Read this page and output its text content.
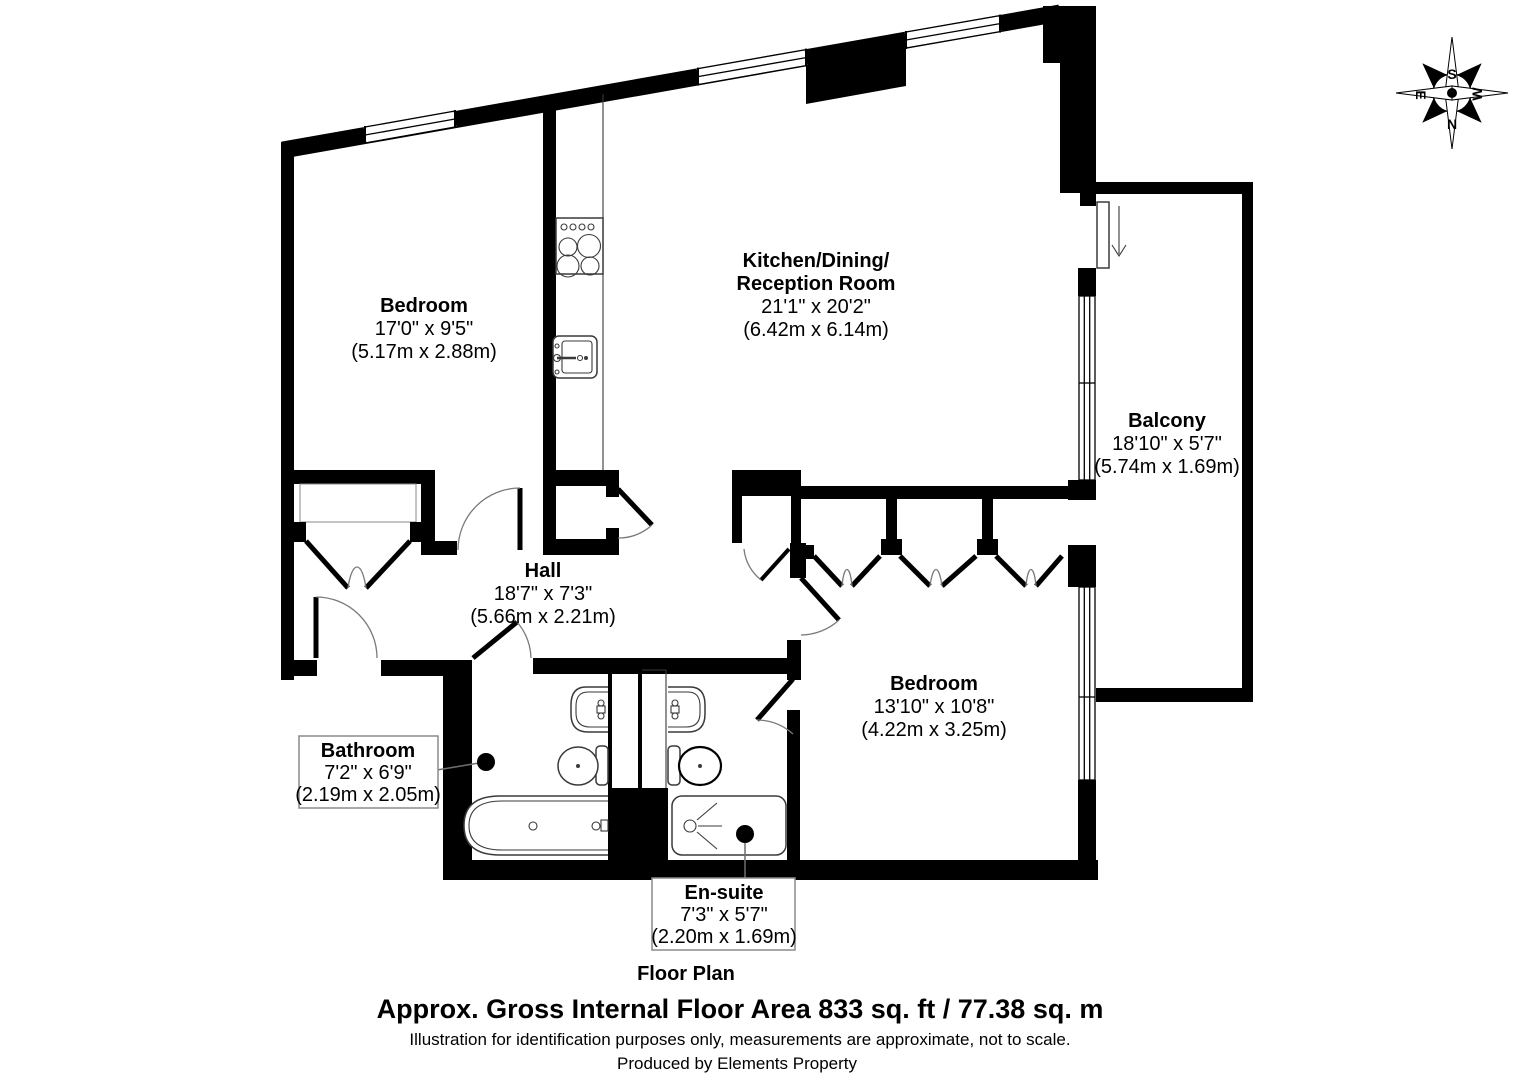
S
N
E	W
Bedroom
17'0" x 9'5"
(5.17m x 2.88m)
Kitchen/Dining/
Reception Room
21'1" x 20'2"
(6.42m x 6.14m)
Balcony
18'10" x 5'7"
(5.74m x 1.69m)
Hall
18'7" x 7'3"
(5.66m x 2.21m)
Bedroom
13'10" x 10'8"
(4.22m x 3.25m)
Bathroom
7'2" x 6'9"
(2.19m x 2.05m)
En-suite
7'3" x 5'7"
(2.20m x 1.69m)
Floor Plan
Approx. Gross Internal Floor Area 833 sq. ft / 77.38 sq. m
Illustration for identification purposes only, measurements are approximate, not to scale.
Produced by Elements Property
